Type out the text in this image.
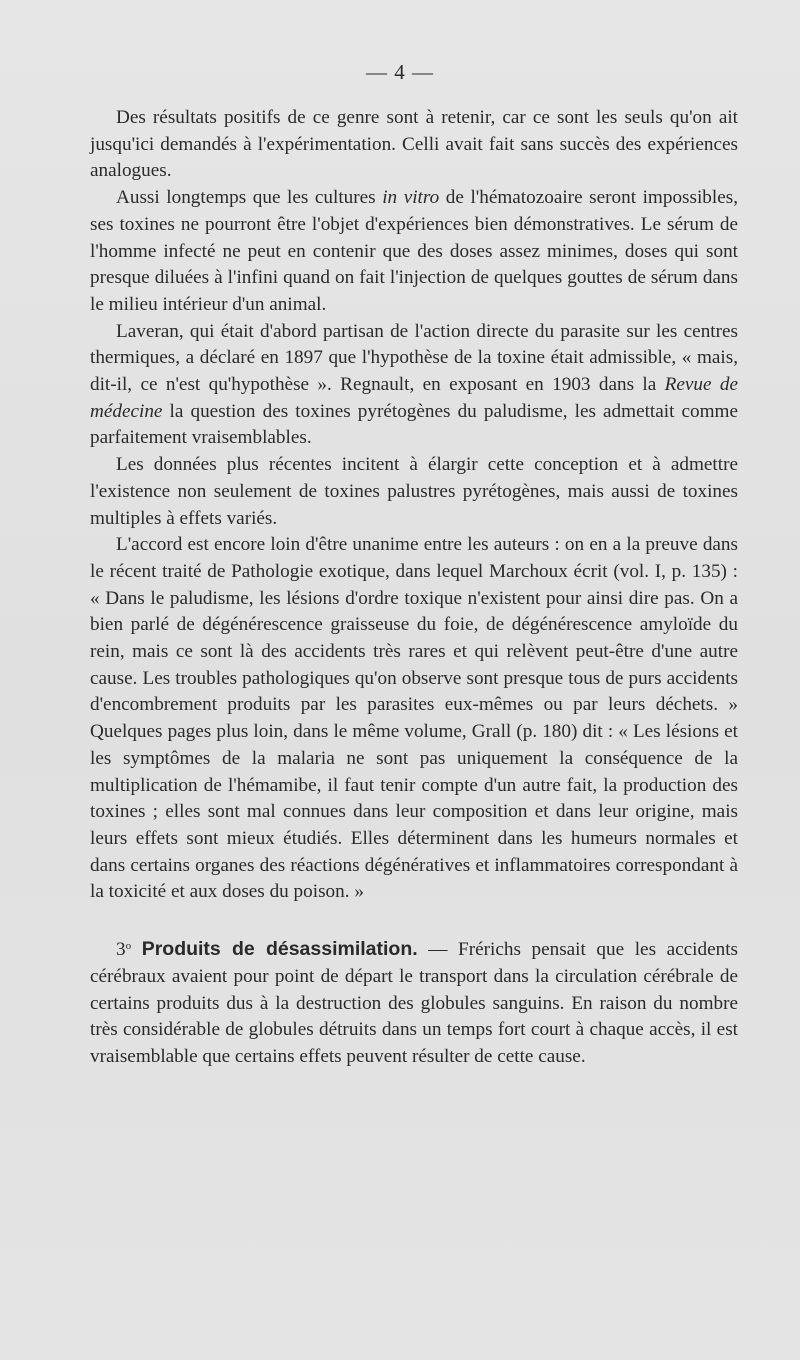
— 4 —

Des résultats positifs de ce genre sont à retenir, car ce sont les seuls qu'on ait jusqu'ici demandés à l'expérimentation. Celli avait fait sans succès des expériences analogues.

Aussi longtemps que les cultures in vitro de l'hématozoaire seront impossibles, ses toxines ne pourront être l'objet d'expériences bien démonstratives. Le sérum de l'homme infecté ne peut en contenir que des doses assez minimes, doses qui sont presque diluées à l'infini quand on fait l'injection de quelques gouttes de sérum dans le milieu intérieur d'un animal.

Laveran, qui était d'abord partisan de l'action directe du parasite sur les centres thermiques, a déclaré en 1897 que l'hypothèse de la toxine était admissible, « mais, dit-il, ce n'est qu'hypothèse ». Regnault, en exposant en 1903 dans la Revue de médecine la question des toxines pyrétogènes du paludisme, les admettait comme parfaitement vraisemblables.

Les données plus récentes incitent à élargir cette conception et à admettre l'existence non seulement de toxines palustres pyrétogènes, mais aussi de toxines multiples à effets variés.

L'accord est encore loin d'être unanime entre les auteurs : on en a la preuve dans le récent traité de Pathologie exotique, dans lequel Marchoux écrit (vol. I, p. 135) : « Dans le paludisme, les lésions d'ordre toxique n'existent pour ainsi dire pas. On a bien parlé de dégénérescence graisseuse du foie, de dégénérescence amyloïde du rein, mais ce sont là des accidents très rares et qui relèvent peut-être d'une autre cause. Les troubles pathologiques qu'on observe sont presque tous de purs accidents d'encombrement produits par les parasites eux-mêmes ou par leurs déchets. » Quelques pages plus loin, dans le même volume, Grall (p. 180) dit : « Les lésions et les symptômes de la malaria ne sont pas uniquement la conséquence de la multiplication de l'hémamibe, il faut tenir compte d'un autre fait, la production des toxines ; elles sont mal connues dans leur composition et dans leur origine, mais leurs effets sont mieux étudiés. Elles déterminent dans les humeurs normales et dans certains organes des réactions dégénératives et inflammatoires correspondant à la toxicité et aux doses du poison. »

3$^o$ Produits de désassimilation. — Frérichs pensait que les accidents cérébraux avaient pour point de départ le transport dans la circulation cérébrale de certains produits dus à la destruction des globules sanguins. En raison du nombre très considérable de globules détruits dans un temps fort court à chaque accès, il est vraisemblable que certains effets peuvent résulter de cette cause.
